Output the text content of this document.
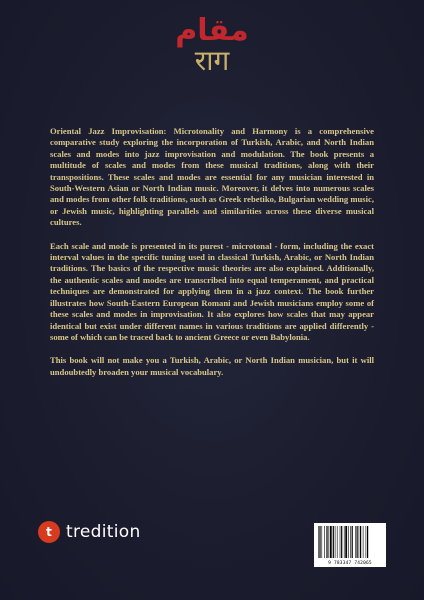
مقام
राग

Oriental Jazz Improvisation: Microtonality and Harmony is a comprehensive comparative study exploring the incorporation of Turkish, Arabic, and North Indian scales and modes into jazz improvisation and modulation. The book presents a multitude of scales and modes from these musical traditions, along with their transpositions. These scales and modes are essential for any musician interested in South-Western Asian or North Indian music. Moreover, it delves into numerous scales and modes from other folk traditions, such as Greek rebetiko, Bulgarian wedding music, or Jewish music, highlighting parallels and similarities across these diverse musical cultures.

Each scale and mode is presented in its purest - microtonal - form, including the exact interval values in the specific tuning used in classical Turkish, Arabic, or North Indian traditions. The basics of the respective music theories are also explained. Additionally, the authentic scales and modes are transcribed into equal temperament, and practical techniques are demonstrated for applying them in a jazz context. The book further illustrates how South-Eastern European Romani and Jewish musicians employ some of these scales and modes in improvisation. It also explores how scales that may appear identical but exist under different names in various traditions are applied differently - some of which can be traced back to ancient Greece or even Babylonia.

This book will not make you a Turkish, Arabic, or North Indian musician, but it will undoubtedly broaden your musical vocabulary.

t tredition
9 783347 742065
